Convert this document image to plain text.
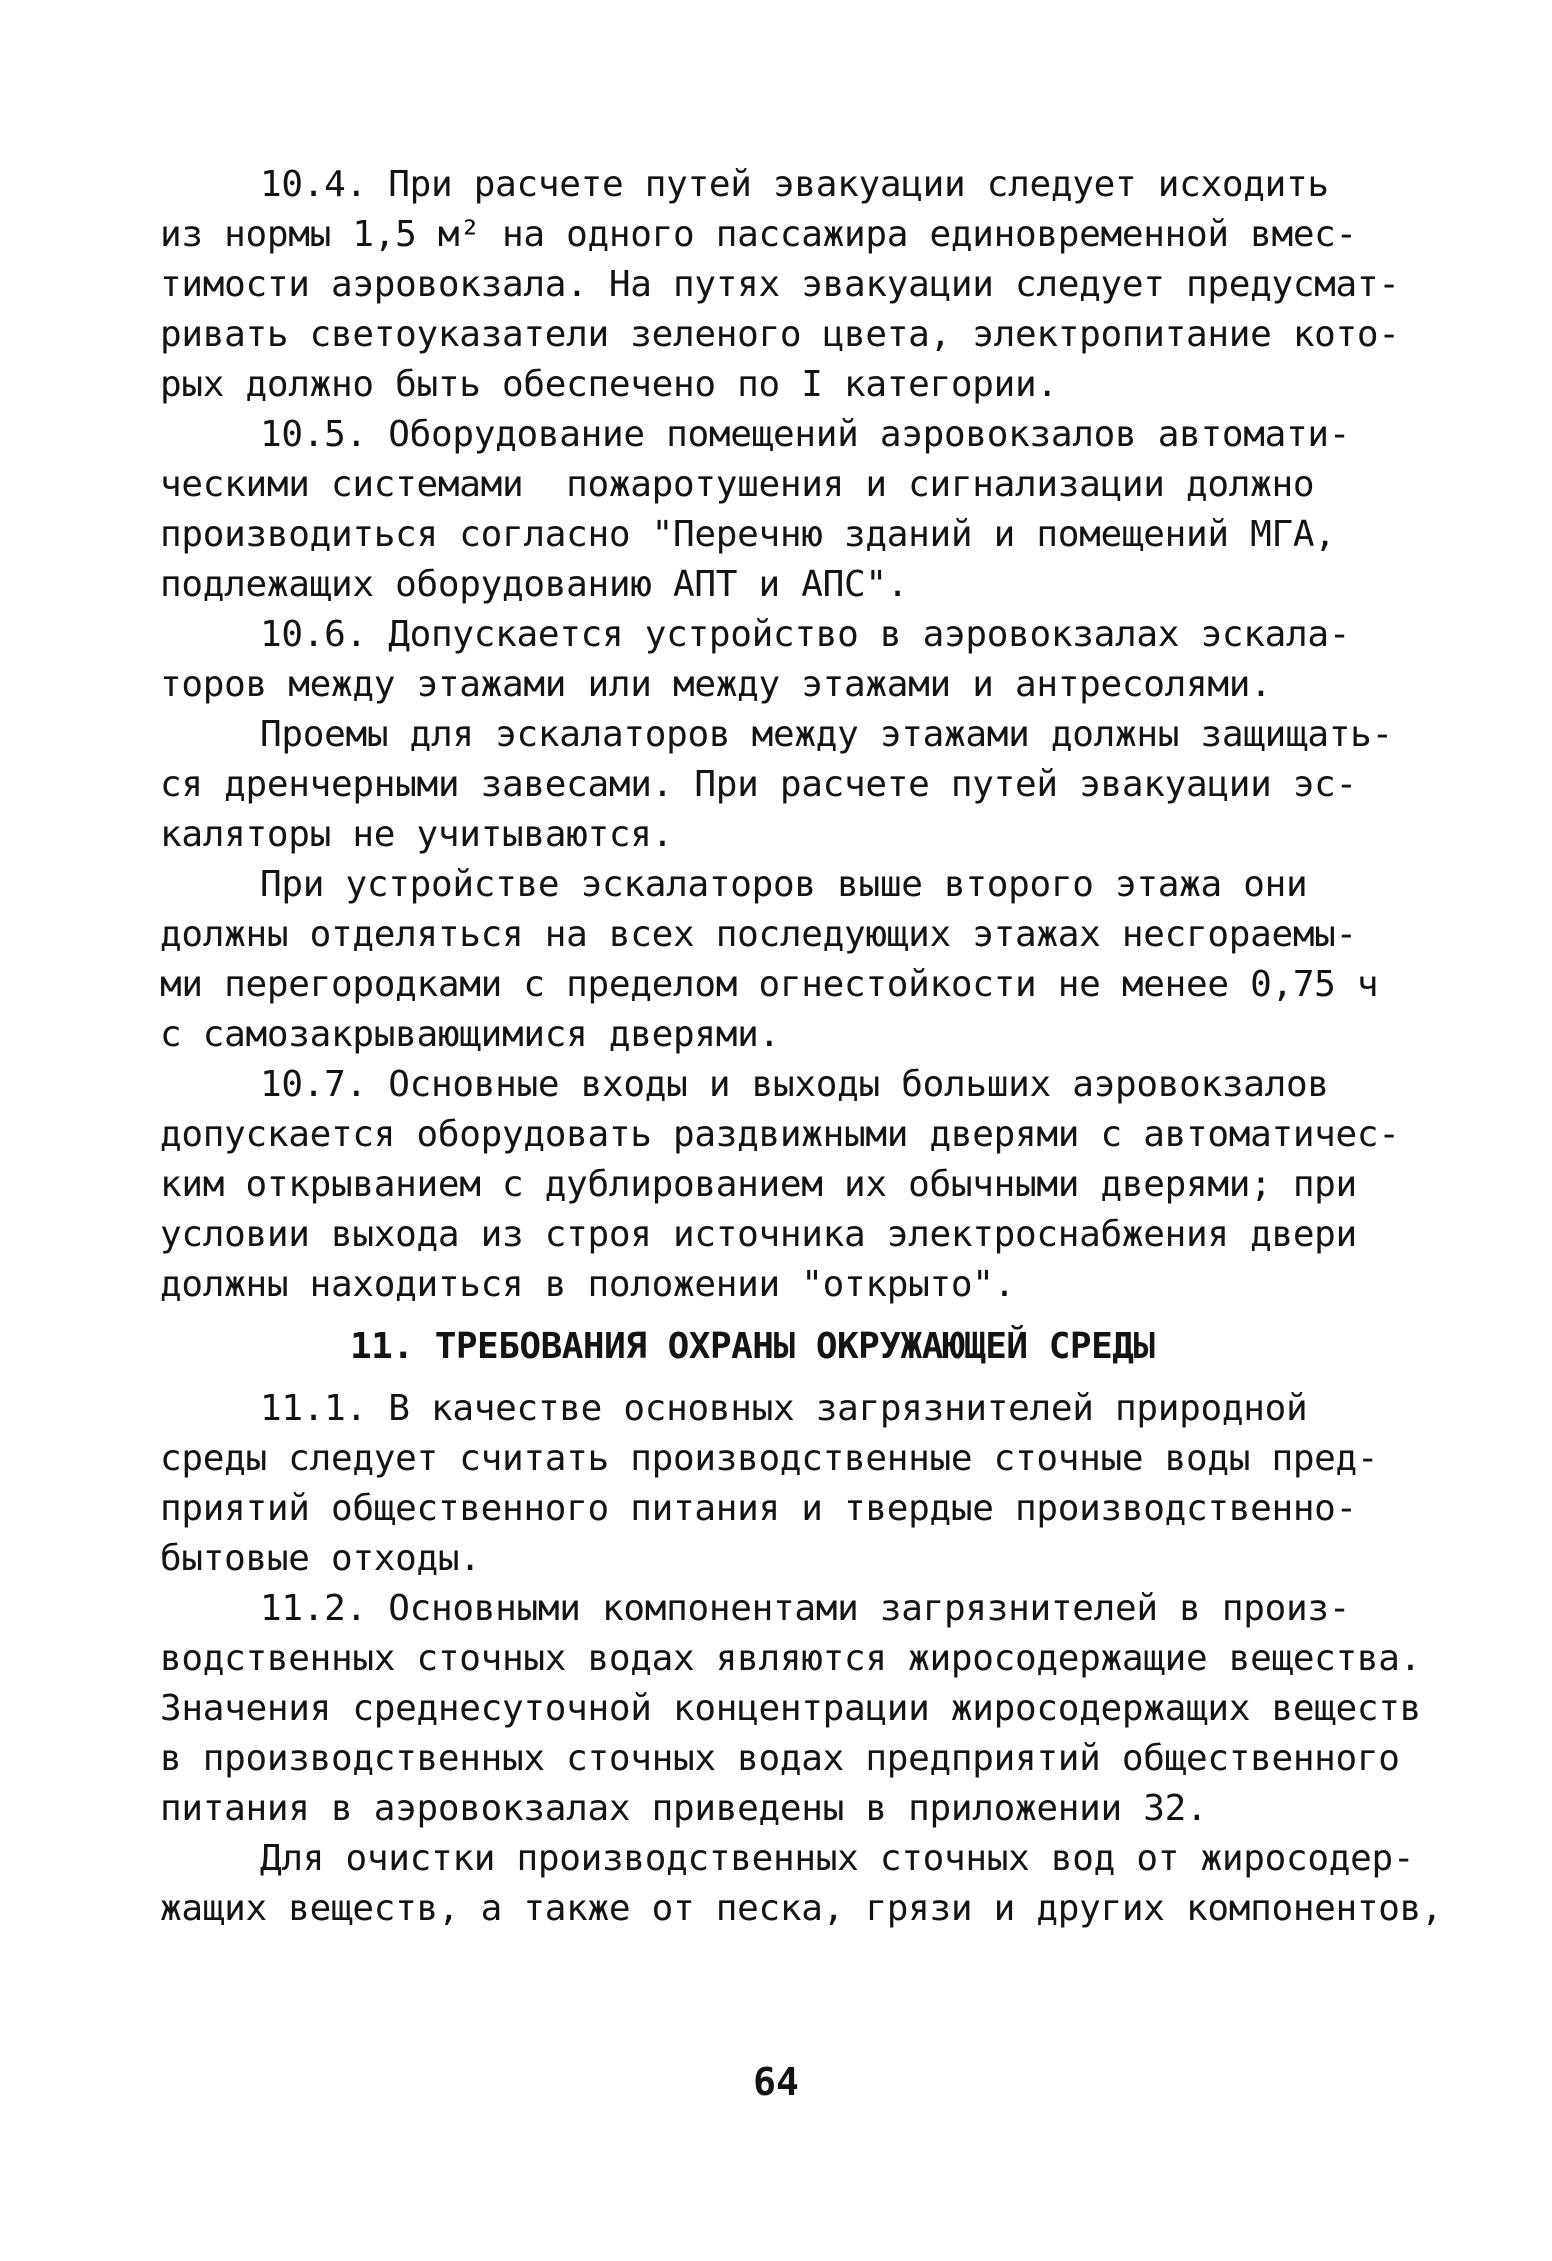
10.4. При расчете путей эвакуации следует исходить
из нормы 1,5 м² на одного пассажира единовременной вмес-
тимости аэровокзала. На путях эвакуации следует предусмат-
ривать светоуказатели зеленого цвета, электропитание кото-
рых должно быть обеспечено по I категории.
10.5. Оборудование помещений аэровокзалов автомати-
ческими системами  пожаротушения и сигнализации должно
производиться согласно "Перечню зданий и помещений МГА,
подлежащих оборудованию АПТ и АПС".
10.6. Допускается устройство в аэровокзалах эскала-
торов между этажами или между этажами и антресолями.
Проемы для эскалаторов между этажами должны защищать-
ся дренчерными завесами. При расчете путей эвакуации эс-
каляторы не учитываются.
При устройстве эскалаторов выше второго этажа они
должны отделяться на всех последующих этажах несгораемы-
ми перегородками с пределом огнестойкости не менее 0,75 ч
с самозакрывающимися дверями.
10.7. Основные входы и выходы больших аэровокзалов
допускается оборудовать раздвижными дверями с автоматичес-
ким открыванием с дублированием их обычными дверями; при
условии выхода из строя источника электроснабжения двери
должны находиться в положении "открыто".
11. ТРЕБОВАНИЯ ОХРАНЫ ОКРУЖАЮЩЕЙ СРЕДЫ
11.1. В качестве основных загрязнителей природной
среды следует считать производственные сточные воды пред-
приятий общественного питания и твердые производственно-
бытовые отходы.
11.2. Основными компонентами загрязнителей в произ-
водственных сточных водах являются жиросодержащие вещества.
Значения среднесуточной концентрации жиросодержащих веществ
в производственных сточных водах предприятий общественного
питания в аэровокзалах приведены в приложении 32.
Для очистки производственных сточных вод от жиросодер-
жащих веществ, а также от песка, грязи и других компонентов,
64
